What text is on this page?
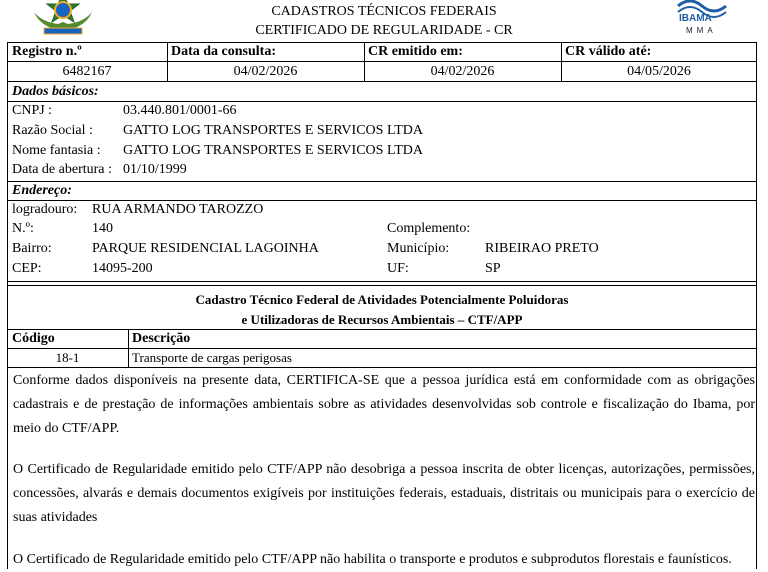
CADASTROS TÉCNICOS FEDERAIS
CERTIFICADO DE REGULARIDADE - CR
IBAMA
MMA
Registro n.º	Data da consulta:	CR emitido em:	CR válido até:
6482167	04/02/2026	04/02/2026	04/05/2026
Dados básicos:
CNPJ :	03.440.801/0001-66
Razão Social : GATTO LOG TRANSPORTES E SERVICOS LTDA
Nome fantasia : GATTO LOG TRANSPORTES E SERVICOS LTDA
Data de abertura : 01/10/1999
Endereço:
logradouro: RUA ARMANDO TAROZZO
N.º:	140	Complemento:
Bairro:	PARQUE RESIDENCIAL LAGOINHA	Município:	RIBEIRAO PRETO
CEP:	14095-200	UF:	SP
Cadastro Técnico Federal de Atividades Potencialmente Poluidoras
e Utilizadoras de Recursos Ambientais – CTF/APP
Código	Descrição
18-1	Transporte de cargas perigosas
Conforme dados disponíveis na presente data, CERTIFICA-SE que a pessoa jurídica está em conformidade com as obrigações cadastrais e de prestação de informações ambientais sobre as atividades desenvolvidas sob controle e fiscalização do Ibama, por meio do CTF/APP.
O Certificado de Regularidade emitido pelo CTF/APP não desobriga a pessoa inscrita de obter licenças, autorizações, permissões, concessões, alvarás e demais documentos exigíveis por instituições federais, estaduais, distritais ou municipais para o exercício de suas atividades
O Certificado de Regularidade emitido pelo CTF/APP não habilita o transporte e produtos e subprodutos florestais e faunísticos.
